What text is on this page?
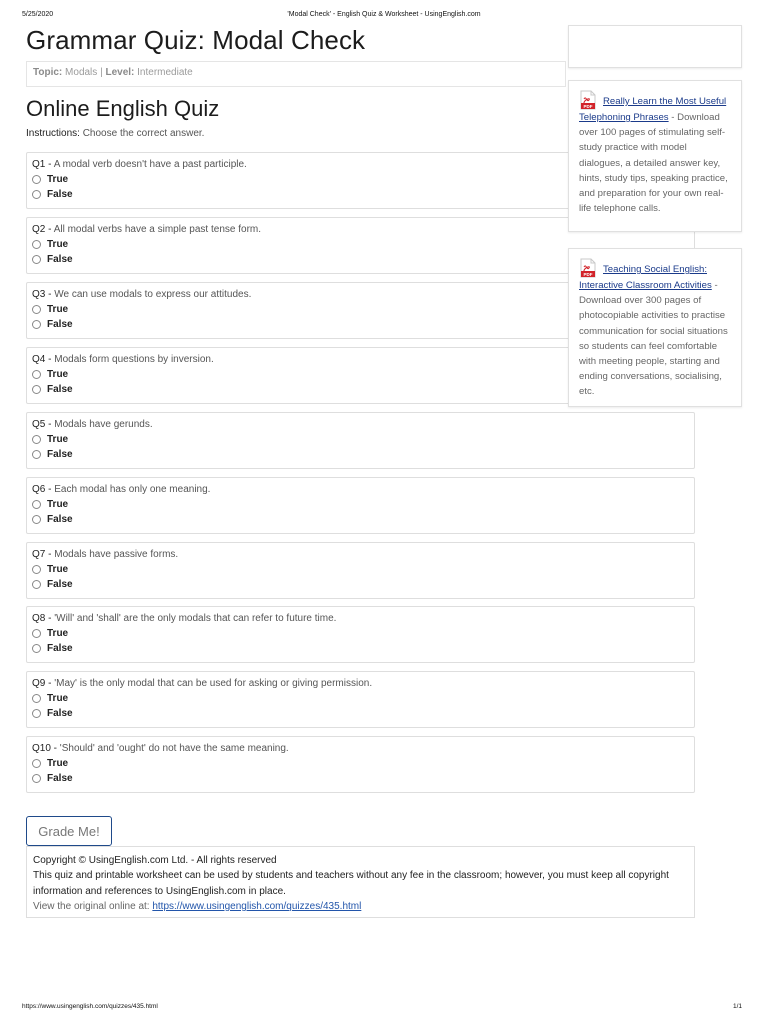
5/25/2020	'Modal Check' - English Quiz & Worksheet - UsingEnglish.com
Grammar Quiz: Modal Check
Topic: Modals | Level: Intermediate
Online English Quiz
Instructions: Choose the correct answer.
Q1 - A modal verb doesn't have a past participle.
True
False
Q2 - All modal verbs have a simple past tense form.
True
False
Q3 - We can use modals to express our attitudes.
True
False
Q4 - Modals form questions by inversion.
True
False
Q5 - Modals have gerunds.
True
False
Q6 - Each modal has only one meaning.
True
False
Q7 - Modals have passive forms.
True
False
Q8 - 'Will' and 'shall' are the only modals that can refer to future time.
True
False
Q9 - 'May' is the only modal that can be used for asking or giving permission.
True
False
Q10 - 'Should' and 'ought' do not have the same meaning.
True
False
PDF Really Learn the Most Useful Telephoning Phrases - Download over 100 pages of stimulating self-study practice with model dialogues, a detailed answer key, hints, study tips, speaking practice, and preparation for your own real-life telephone calls.
PDF Teaching Social English: Interactive Classroom Activities - Download over 300 pages of photocopiable activities to practise communication for social situations so students can feel comfortable with meeting people, starting and ending conversations, socialising, etc.
Grade Me!
Copyright © UsingEnglish.com Ltd. - All rights reserved
This quiz and printable worksheet can be used by students and teachers without any fee in the classroom; however, you must keep all copyright information and references to UsingEnglish.com in place.
View the original online at: https://www.usingenglish.com/quizzes/435.html
https://www.usingenglish.com/quizzes/435.html	1/1
